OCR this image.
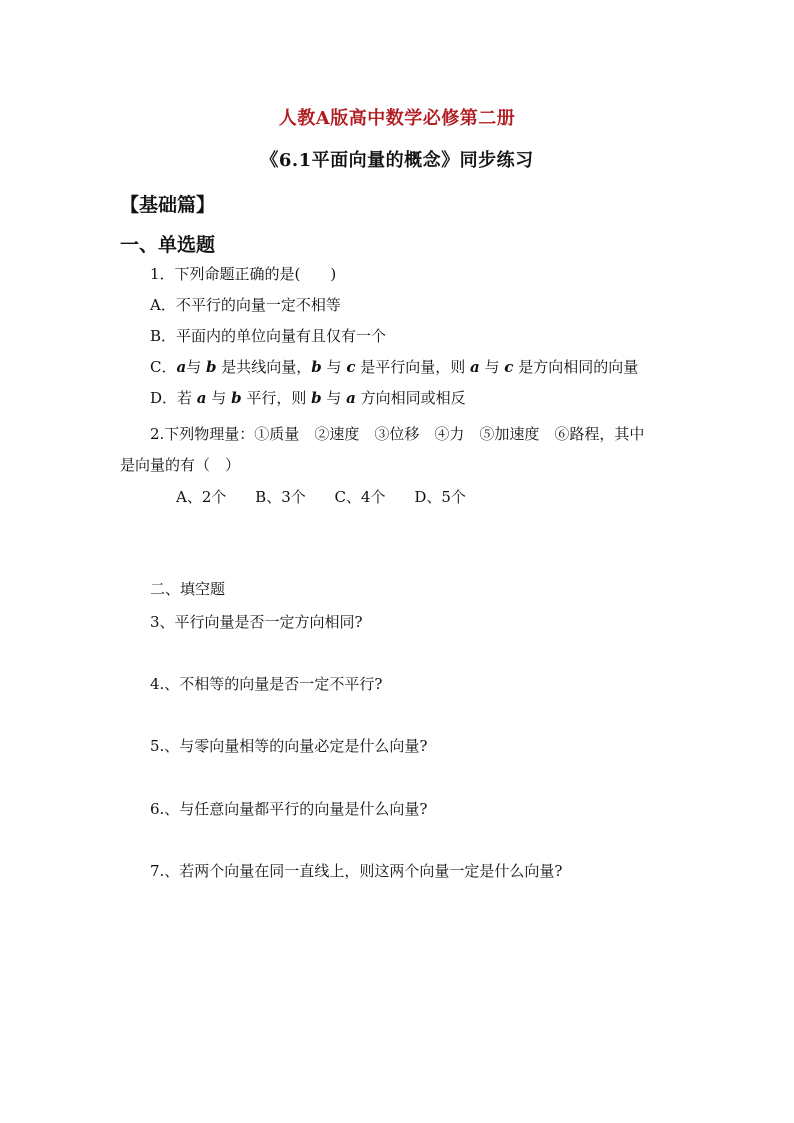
人教A版高中数学必修第二册
《6.1平面向量的概念》同步练习
【基础篇】
一、单选题
1．下列命题正确的是(　　)
A．不平行的向量一定不相等
B．平面内的单位向量有且仅有一个
C．a与 b 是共线向量，b 与 c 是平行向量，则 a 与 c 是方向相同的向量
D．若 a 与 b 平行，则 b 与 a 方向相同或相反
2.下列物理量：①质量　②速度　③位移　④力　⑤加速度　⑥路程，其中
是向量的有（　）
A、2个 B、3个 C、4个 D、5个
二、填空题
3、平行向量是否一定方向相同?
4.、不相等的向量是否一定不平行?
5.、与零向量相等的向量必定是什么向量?
6.、与任意向量都平行的向量是什么向量?
7.、若两个向量在同一直线上，则这两个向量一定是什么向量?
